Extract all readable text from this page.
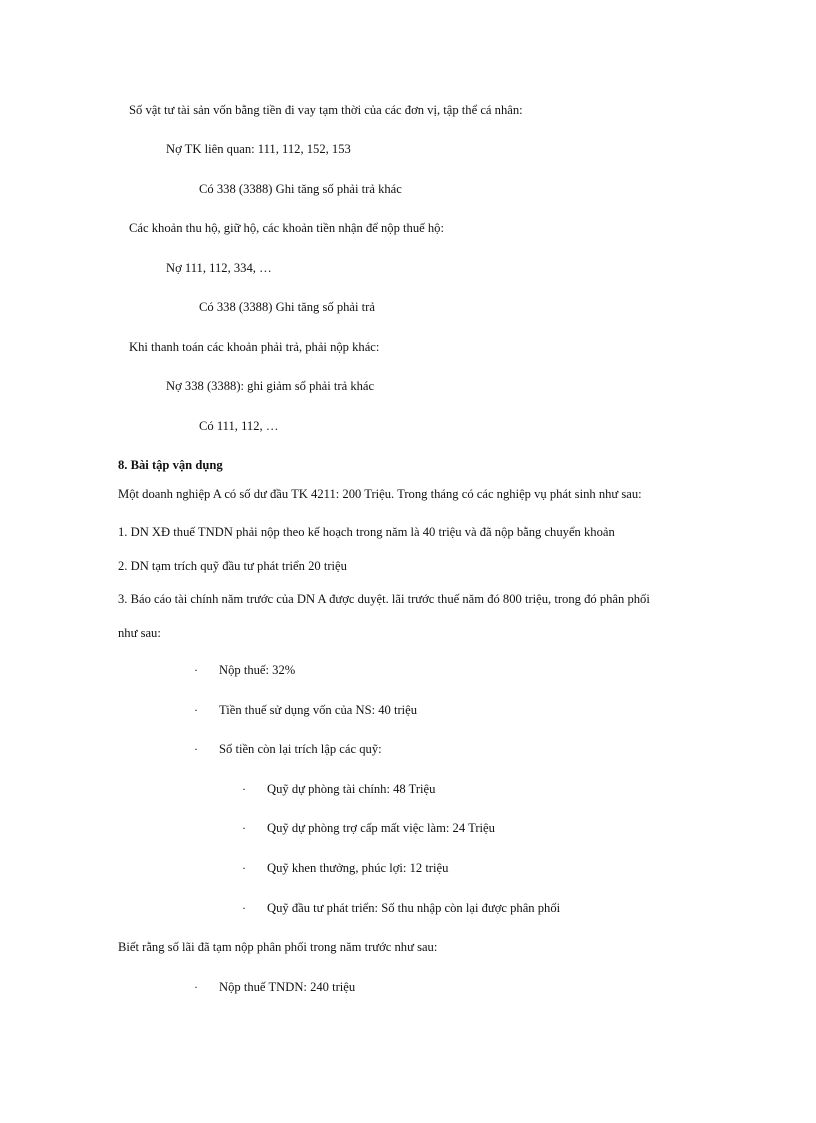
Số vật tư tài sản vốn bằng tiền đi vay tạm thời của các đơn vị, tập thể cá nhân:
Nợ TK liên quan: 111, 112, 152, 153
Có 338 (3388) Ghi tăng số phải trả khác
Các khoản thu hộ, giữ hộ, các khoản tiền nhận để nộp thuế hộ:
Nợ 111, 112, 334, …
Có 338 (3388) Ghi tăng số phải trả
Khi thanh toán các khoản phải trả, phải nộp khác:
Nợ 338 (3388): ghi giảm số phải trả khác
Có 111, 112, …
8. Bài tập vận dụng
Một doanh nghiệp A có số dư đầu TK 4211: 200 Triệu. Trong tháng có các nghiệp vụ phát sinh như sau:
1. DN XĐ thuế TNDN phải nộp theo kế hoạch trong năm là 40 triệu và đã nộp bằng chuyển khoản
2. DN tạm trích quỹ đầu tư phát triển 20 triệu
3. Báo cáo tài chính năm trước của DN A được duyệt. lãi trước thuế năm đó 800 triệu, trong đó phân phối
như sau:
· Nộp thuế: 32%
· Tiền thuế sử dụng vốn của NS: 40 triệu
· Số tiền còn lại trích lập các quỹ:
· Quỹ dự phòng tài chính: 48 Triệu
· Quỹ dự phòng trợ cấp mất việc làm: 24 Triệu
· Quỹ khen thưởng, phúc lợi: 12 triệu
· Quỹ đầu tư phát triển: Số thu nhập còn lại được phân phối
Biết rằng số lãi đã tạm nộp phân phối trong năm trước như sau:
· Nộp thuế TNDN: 240 triệu
